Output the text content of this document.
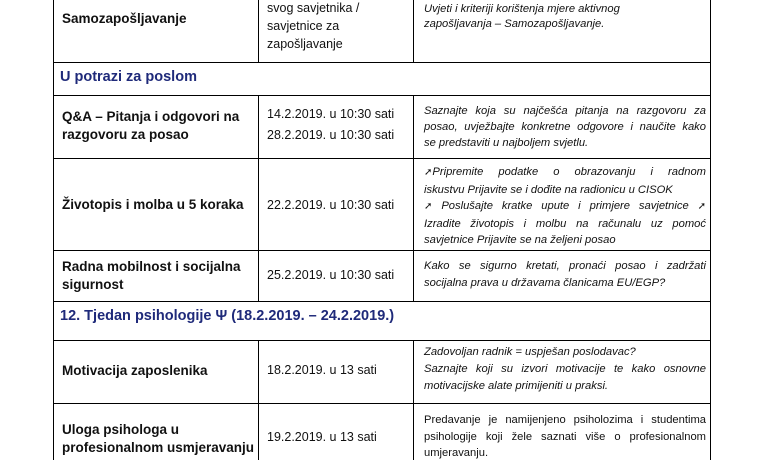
Samozapošljavanje
svog savjetnika /
savjetnice za
zapošljavanje
Uvjeti i kriteriji korištenja mjere aktivnog
zapošljavanja – Samozapošljavanje.
U potrazi za poslom
Q&A – Pitanja i odgovori na
razgovoru za posao
14.2.2019. u 10:30 sati
28.2.2019. u 10:30 sati
Saznajte koja su najčešća pitanja na razgovoru za
posao, uvježbajte konkretne odgovore i naučite kako
se predstaviti u najboljem svjetlu.
Životopis i molba u 5 koraka	22.2.2019. u 10:30 sati
➚Pripremite podatke o obrazovanju i radnom
iskustvu Prijavite se i dođite na radionicu u CISOK
➚ Poslušajte kratke upute i primjere savjetnice ➚
Izradite životopis i molbu na računalu uz pomoć
savjetnice Prijavite se na željeni posao
Radna mobilnost i socijalna
sigurnost
25.2.2019. u 10:30 sati
Kako se sigurno kretati, pronaći posao i zadržati
socijalna prava u državama članicama EU/EGP?
12. Tjedan psihologije Ψ (18.2.2019. – 24.2.2019.)
Motivacija zaposlenika	18.2.2019. u 13 sati
Zadovoljan radnik = uspješan poslodavac?
Saznajte koji su izvori motivacije te kako osnovne
motivacijske alate primijeniti u praksi.
Uloga psihologa u
profesionalnom usmjeravanju
19.2.2019. u 13 sati
Predavanje je namijenjeno psiholozima i studentima
psihologije koji žele saznati više o profesionalnom
umjeravanju.
